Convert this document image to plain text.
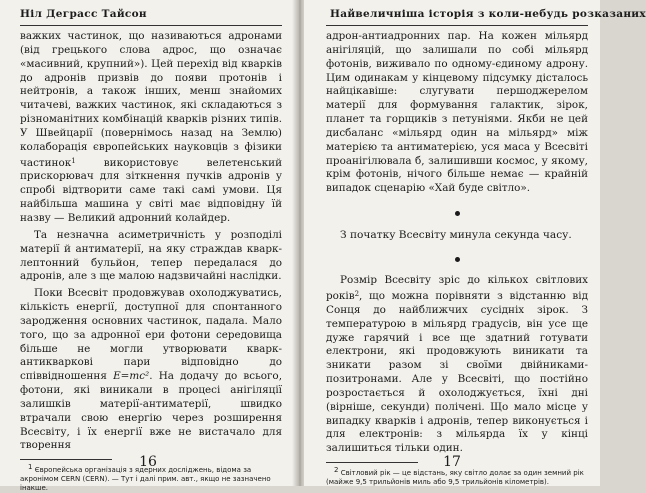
Ніл Деграсс Тайсон

важких частинок, що називаються адронами (від грецького слова адрос, що означає «масивний, крупний»). Цей перехід від кварків до адронів призвів до появи протонів і нейтронів, а також інших, менш знайомих читачеві, важких частинок, які складаються з різноманітних комбінацій кварків різних типів. У Швейцарії (повернімось назад на Землю) колаборація європейських науковців з фізики частинок$^1$ використовує велетенський прискорювач для зіткнення пучків адронів у спробі відтворити саме такі самі умови. Ця найбільша машина у світі має відповідну їй назву — Великий адронний колайдер.

Та незначна асиметричність у розподілі матерії й антиматерії, на яку страждав кварк-лептонний бульйон, тепер передалася до адронів, але з ще малою надзвичайні наслідки.

Поки Всесвіт продовжував охолоджуватись, кількість енергії, доступної для спонтанного зародження основних частинок, падала. Мало того, що за адронної ери фотони середовища більше не могли утворювати кварк-антикваркові пари відповідно до співвідношення E=mc². На додачу до всього, фотони, які виникали в процесі анігіляції залишків матерії-антиматерії, швидко втрачали свою енергію через розширення Всесвіту, і їх енергії вже не вистачало для творення

1 Європейська організація з ядерних досліджень, відома за акронімом CERN (CERN). — Тут і далі прим. авт., якщо не зазначено інакше.
16
Найвеличніша історія з коли-небудь розказаних

адрон-антиадронних пар. На кожен мільярд анігіляцій, що залишали по собі мільярд фотонів, виживало по одному-єдиному адрону. Цим одинакам у кінцевому підсумку дісталось найцікавіше: слугувати першоджерелом матерії для формування галактик, зірок, планет та горщиків з петуніями. Якби не цей дисбаланс «мільярд один на мільярд» між матерією та антиматерією, уся маса у Всесвіті проанігілювала б, залишивши космос, у якому, крім фотонів, нічого більше немає — крайній випадок сценарію «Хай буде світло».

З початку Всесвіту минула секунда часу.

Розмір Всесвіту зріс до кількох світлових років$^2$, що можна порівняти з відстанню від Сонця до найближчих сусідніх зірок. З температурою в мільярд градусів, він усе ще дуже гарячий і все ще здатний готувати електрони, які продовжують виникати та зникати разом зі своїми двійниками-позитронами. Але у Всесвіті, що постійно розростається й охолоджується, їхні дні (вірніше, секунди) полічені. Що мало місце у випадку кварків і адронів, тепер виконується і для електронів: з мільярда їх у кінці залишиться тільки один.

2 Світловий рік — це відстань, яку світло долає за один земний рік (майже 9,5 трильйонів миль або 9,5 трильйонів кілометрів).
17
